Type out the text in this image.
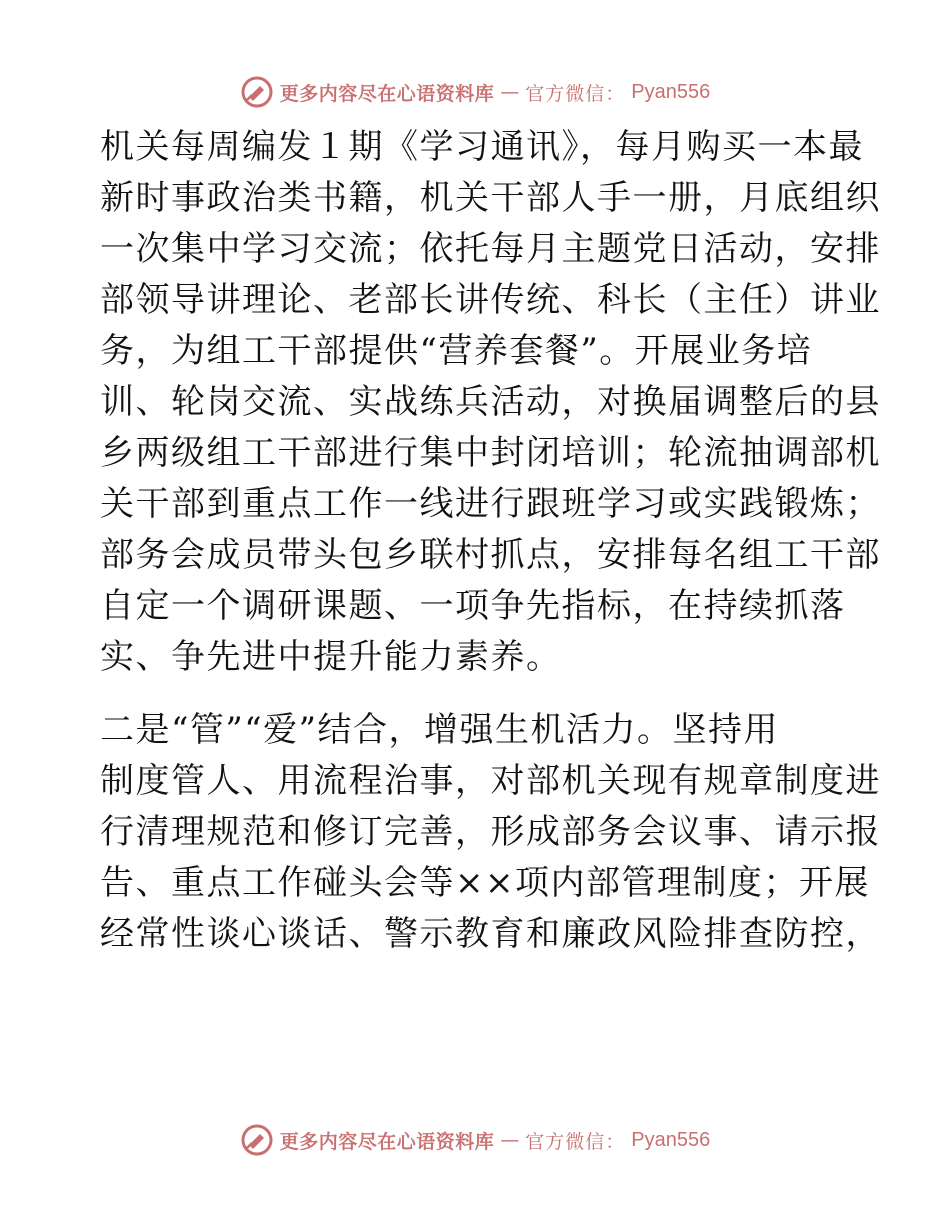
更多内容尽在心语资料库 — 官方微信： Pyan556
机关每周编发１期《学习通讯》，每月购买一本最
新时事政治类书籍，机关干部人手一册，月底组织
一次集中学习交流；依托每月主题党日活动，安排
部领导讲理论、老部长讲传统、科长（主任）讲业
务，为组工干部提供“营养套餐”。开展业务培
训、轮岗交流、实战练兵活动，对换届调整后的县
乡两级组工干部进行集中封闭培训；轮流抽调部机
关干部到重点工作一线进行跟班学习或实践锻炼；
部务会成员带头包乡联村抓点，安排每名组工干部
自定一个调研课题、一项争先指标，在持续抓落
实、争先进中提升能力素养。
二是“管”“爱”结合，增强生机活力。坚持用
制度管人、用流程治事，对部机关现有规章制度进
行清理规范和修订完善，形成部务会议事、请示报
告、重点工作碰头会等××项内部管理制度；开展
经常性谈心谈话、警示教育和廉政风险排查防控，
更多内容尽在心语资料库 — 官方微信： Pyan556
